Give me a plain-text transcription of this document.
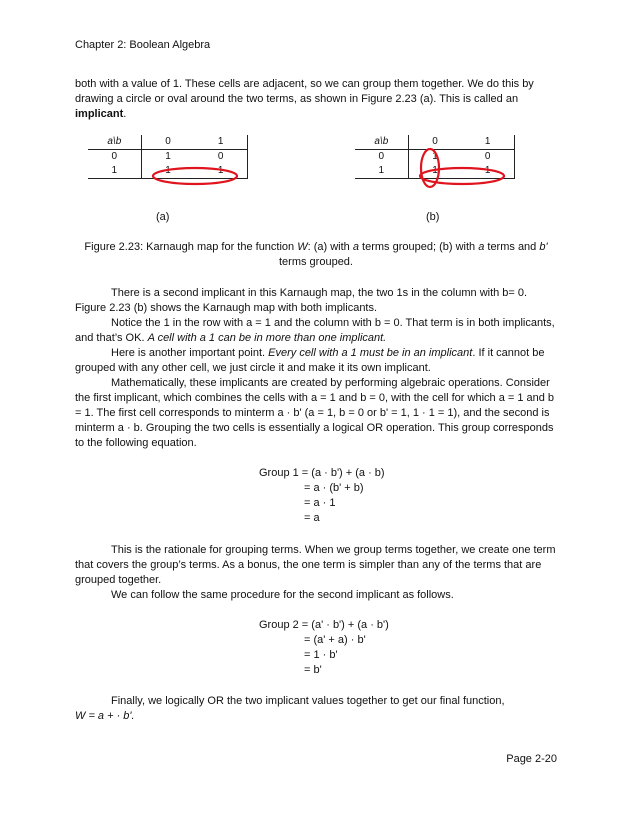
Chapter 2: Boolean Algebra
both with a value of 1. These cells are adjacent, so we can group them together. We do this by drawing a circle or oval around the two terms, as shown in Figure 2.23 (a). This is called an implicant.
a\b	0	1
0	1	0
1	1	1
(a)
a\b	0	1
0	1	0
1	1	1
(b)
Figure 2.23: Karnaugh map for the function W: (a) with a terms grouped; (b) with a terms and b' terms grouped.
There is a second implicant in this Karnaugh map, the two 1s in the column with b= 0. Figure 2.23 (b) shows the Karnaugh map with both implicants.
Notice the 1 in the row with a = 1 and the column with b = 0. That term is in both implicants, and that’s OK. A cell with a 1 can be in more than one implicant.
Here is another important point. Every cell with a 1 must be in an implicant. If it cannot be grouped with any other cell, we just circle it and make it its own implicant.
Mathematically, these implicants are created by performing algebraic operations. Consider the first implicant, which combines the cells with a = 1 and b = 0, with the cell for which a = 1 and b = 1. The first cell corresponds to minterm a · b' (a = 1, b = 0 or b' = 1, 1 · 1 = 1), and the second is minterm a · b. Grouping the two cells is essentially a logical OR operation. This group corresponds to the following equation.
Group 1 = (a · b') + (a · b)
= a · (b' + b)
= a · 1
= a
This is the rationale for grouping terms. When we group terms together, we create one term that covers the group’s terms. As a bonus, the one term is simpler than any of the terms that are grouped together.
We can follow the same procedure for the second implicant as follows.
Group 2 = (a' · b') + (a · b')
= (a' + a) · b'
= 1 · b'
= b'
Finally, we logically OR the two implicant values together to get our final function,
W = a + · b'.
Page 2-20
